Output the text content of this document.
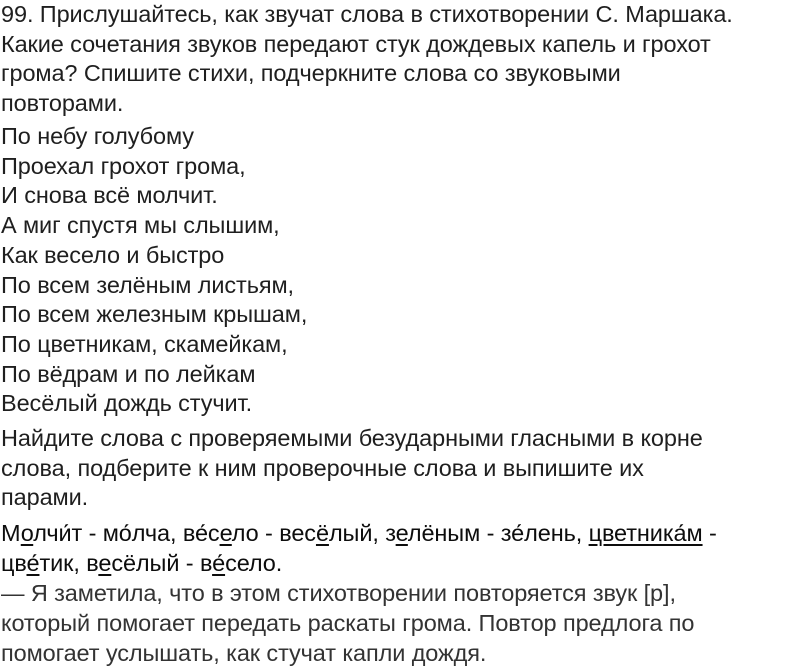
99. Прислушайтесь, как звучат слова в стихотворении С. Маршака.
Какие сочетания звуков передают стук дождевых капель и грохот
грома? Спишите стихи, подчеркните слова со звуковыми
повторами.
По небу голубому
Проехал грохот грома,
И снова всё молчит.
А миг спустя мы слышим,
Как весело и быстро
По всем зелёным листьям,
По всем железным крышам,
По цветникам, скамейкам,
По вёдрам и по лейкам
Весёлый дождь стучит.
Найдите слова с проверяемыми безударными гласными в корне
слова, подберите к ним проверочные слова и выпишите их
парами.
Молчи́т - мо́лча, ве́село - весёлый, зелёным - зе́лень, цветника́м -
цве́тик, весёлый - ве́село.
— Я заметила, что в этом стихотворении повторяется звук [р],
который помогает передать раскаты грома. Повтор предлога по
помогает услышать, как стучат капли дождя.
